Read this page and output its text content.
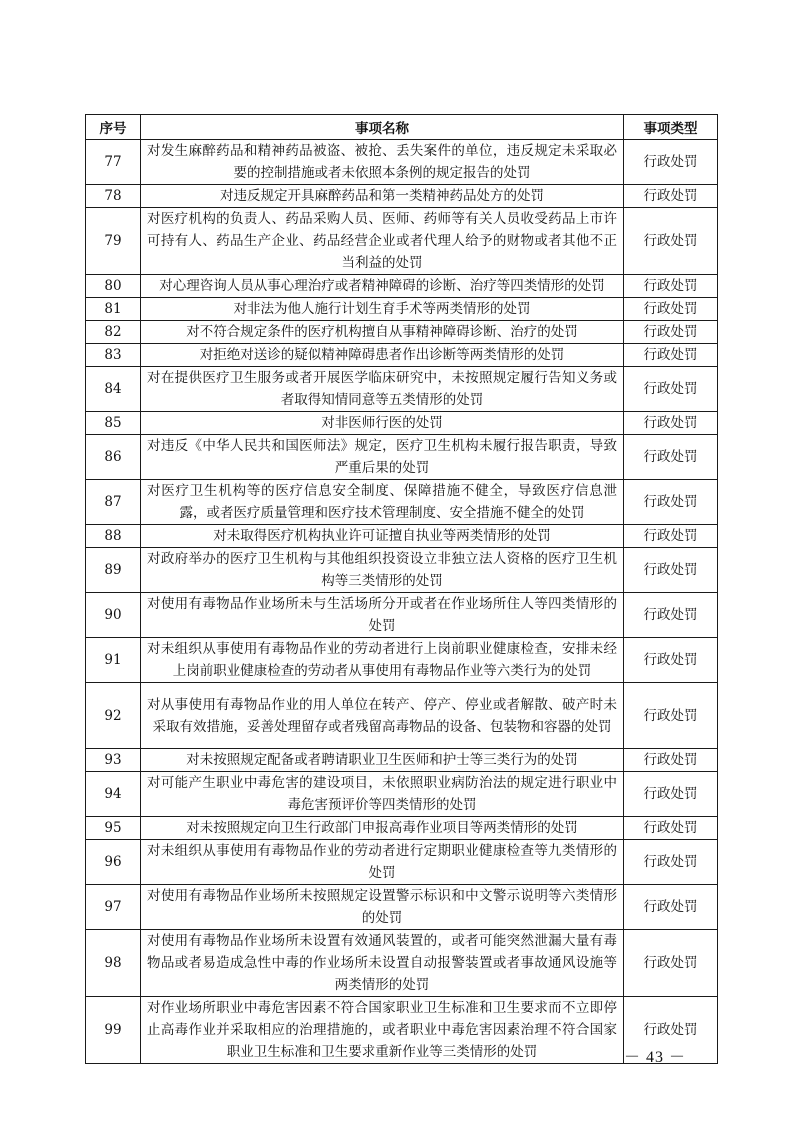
序号	事项名称	事项类型
77	对发生麻醉药品和精神药品被盗、被抢、丢失案件的单位，违反规定未采取必要的控制措施或者未依照本条例的规定报告的处罚	行政处罚
78	对违反规定开具麻醉药品和第一类精神药品处方的处罚	行政处罚
79	对医疗机构的负责人、药品采购人员、医师、药师等有关人员收受药品上市许可持有人、药品生产企业、药品经营企业或者代理人给予的财物或者其他不正当利益的处罚	行政处罚
80	对心理咨询人员从事心理治疗或者精神障碍的诊断、治疗等四类情形的处罚	行政处罚
81	对非法为他人施行计划生育手术等两类情形的处罚	行政处罚
82	对不符合规定条件的医疗机构擅自从事精神障碍诊断、治疗的处罚	行政处罚
83	对拒绝对送诊的疑似精神障碍患者作出诊断等两类情形的处罚	行政处罚
84	对在提供医疗卫生服务或者开展医学临床研究中，未按照规定履行告知义务或者取得知情同意等五类情形的处罚	行政处罚
85	对非医师行医的处罚	行政处罚
86	对违反《中华人民共和国医师法》规定，医疗卫生机构未履行报告职责，导致严重后果的处罚	行政处罚
87	对医疗卫生机构等的医疗信息安全制度、保障措施不健全，导致医疗信息泄露，或者医疗质量管理和医疗技术管理制度、安全措施不健全的处罚	行政处罚
88	对未取得医疗机构执业许可证擅自执业等两类情形的处罚	行政处罚
89	对政府举办的医疗卫生机构与其他组织投资设立非独立法人资格的医疗卫生机构等三类情形的处罚	行政处罚
90	对使用有毒物品作业场所未与生活场所分开或者在作业场所住人等四类情形的处罚	行政处罚
91	对未组织从事使用有毒物品作业的劳动者进行上岗前职业健康检查，安排未经上岗前职业健康检查的劳动者从事使用有毒物品作业等六类行为的处罚	行政处罚
92	对从事使用有毒物品作业的用人单位在转产、停产、停业或者解散、破产时未采取有效措施，妥善处理留存或者残留高毒物品的设备、包装物和容器的处罚	行政处罚
93	对未按照规定配备或者聘请职业卫生医师和护士等三类行为的处罚	行政处罚
94	对可能产生职业中毒危害的建设项目，未依照职业病防治法的规定进行职业中毒危害预评价等四类情形的处罚	行政处罚
95	对未按照规定向卫生行政部门申报高毒作业项目等两类情形的处罚	行政处罚
96	对未组织从事使用有毒物品作业的劳动者进行定期职业健康检查等九类情形的处罚	行政处罚
97	对使用有毒物品作业场所未按照规定设置警示标识和中文警示说明等六类情形的处罚	行政处罚
98	对使用有毒物品作业场所未设置有效通风装置的，或者可能突然泄漏大量有毒物品或者易造成急性中毒的作业场所未设置自动报警装置或者事故通风设施等两类情形的处罚	行政处罚
99	对作业场所职业中毒危害因素不符合国家职业卫生标准和卫生要求而不立即停止高毒作业并采取相应的治理措施的，或者职业中毒危害因素治理不符合国家职业卫生标准和卫生要求重新作业等三类情形的处罚	行政处罚
－ 43 －
